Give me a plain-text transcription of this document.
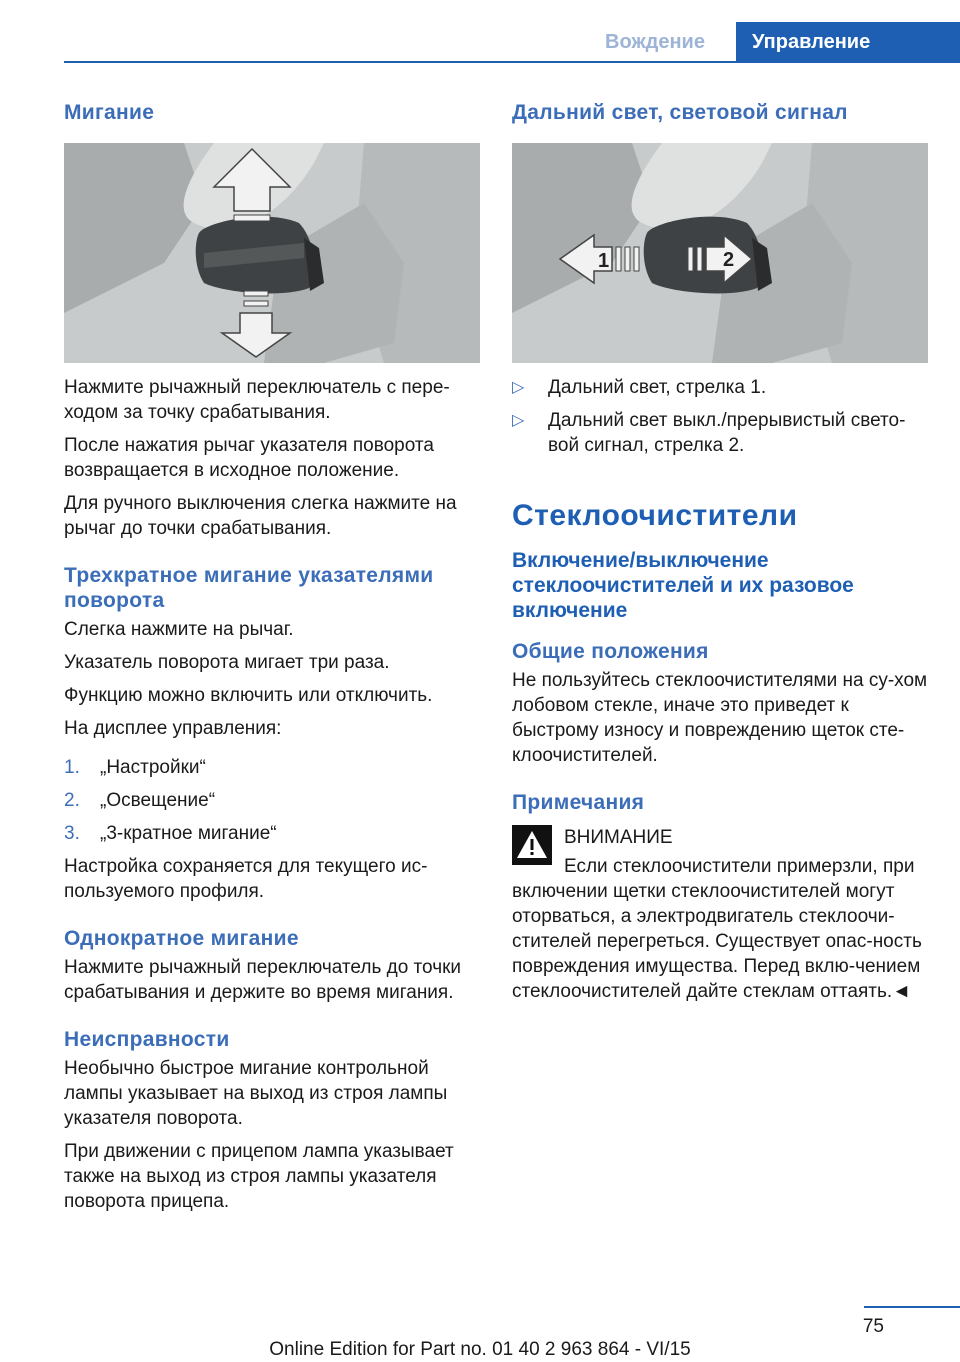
Вождение	Управление
Мигание

Нажмите рычажный переключатель с пере‐ходом за точку срабатывания.

После нажатия рычаг указателя поворота возвращается в исходное положение.

Для ручного выключения слегка нажмите на рычаг до точки срабатывания.

Трехкратное мигание указателями поворота

Слегка нажмите на рычаг.

Указатель поворота мигает три раза.

Функцию можно включить или отключить.

На дисплее управления:

1.	„Настройки“
2.	„Освещение“
3.	„3-кратное мигание“

Настройка сохраняется для текущего ис‐пользуемого профиля.

Однократное мигание

Нажмите рычажный переключатель до точки срабатывания и держите во время мигания.

Неисправности

Необычно быстрое мигание контрольной лампы указывает на выход из строя лампы указателя поворота.

При движении с прицепом лампа указывает также на выход из строя лампы указателя поворота прицепа.

Дальний свет, световой сигнал
1	2
▷	Дальний свет, стрелка 1.
▷	Дальний свет выкл./прерывистый свето‐вой сигнал, стрелка 2.
Стеклоочистители
Включение/выключение стеклоочистителей и их разовое включение
Общие положения

Не пользуйтесь стеклоочистителями на су‐хом лобовом стекле, иначе это приведет к быстрому износу и повреждению щеток сте‐клоочистителей.

Примечания
ВНИМАНИЕ

Если стеклоочистители примерзли, при включении щетки стеклоочистителей могут оторваться, а электродвигатель стеклоочи‐стителей перегреться. Существует опас‐ность повреждения имущества. Перед вклю‐чением стеклоочистителей дайте стеклам оттаять.◄

75
Online Edition for Part no. 01 40 2 963 864 - VI/15
